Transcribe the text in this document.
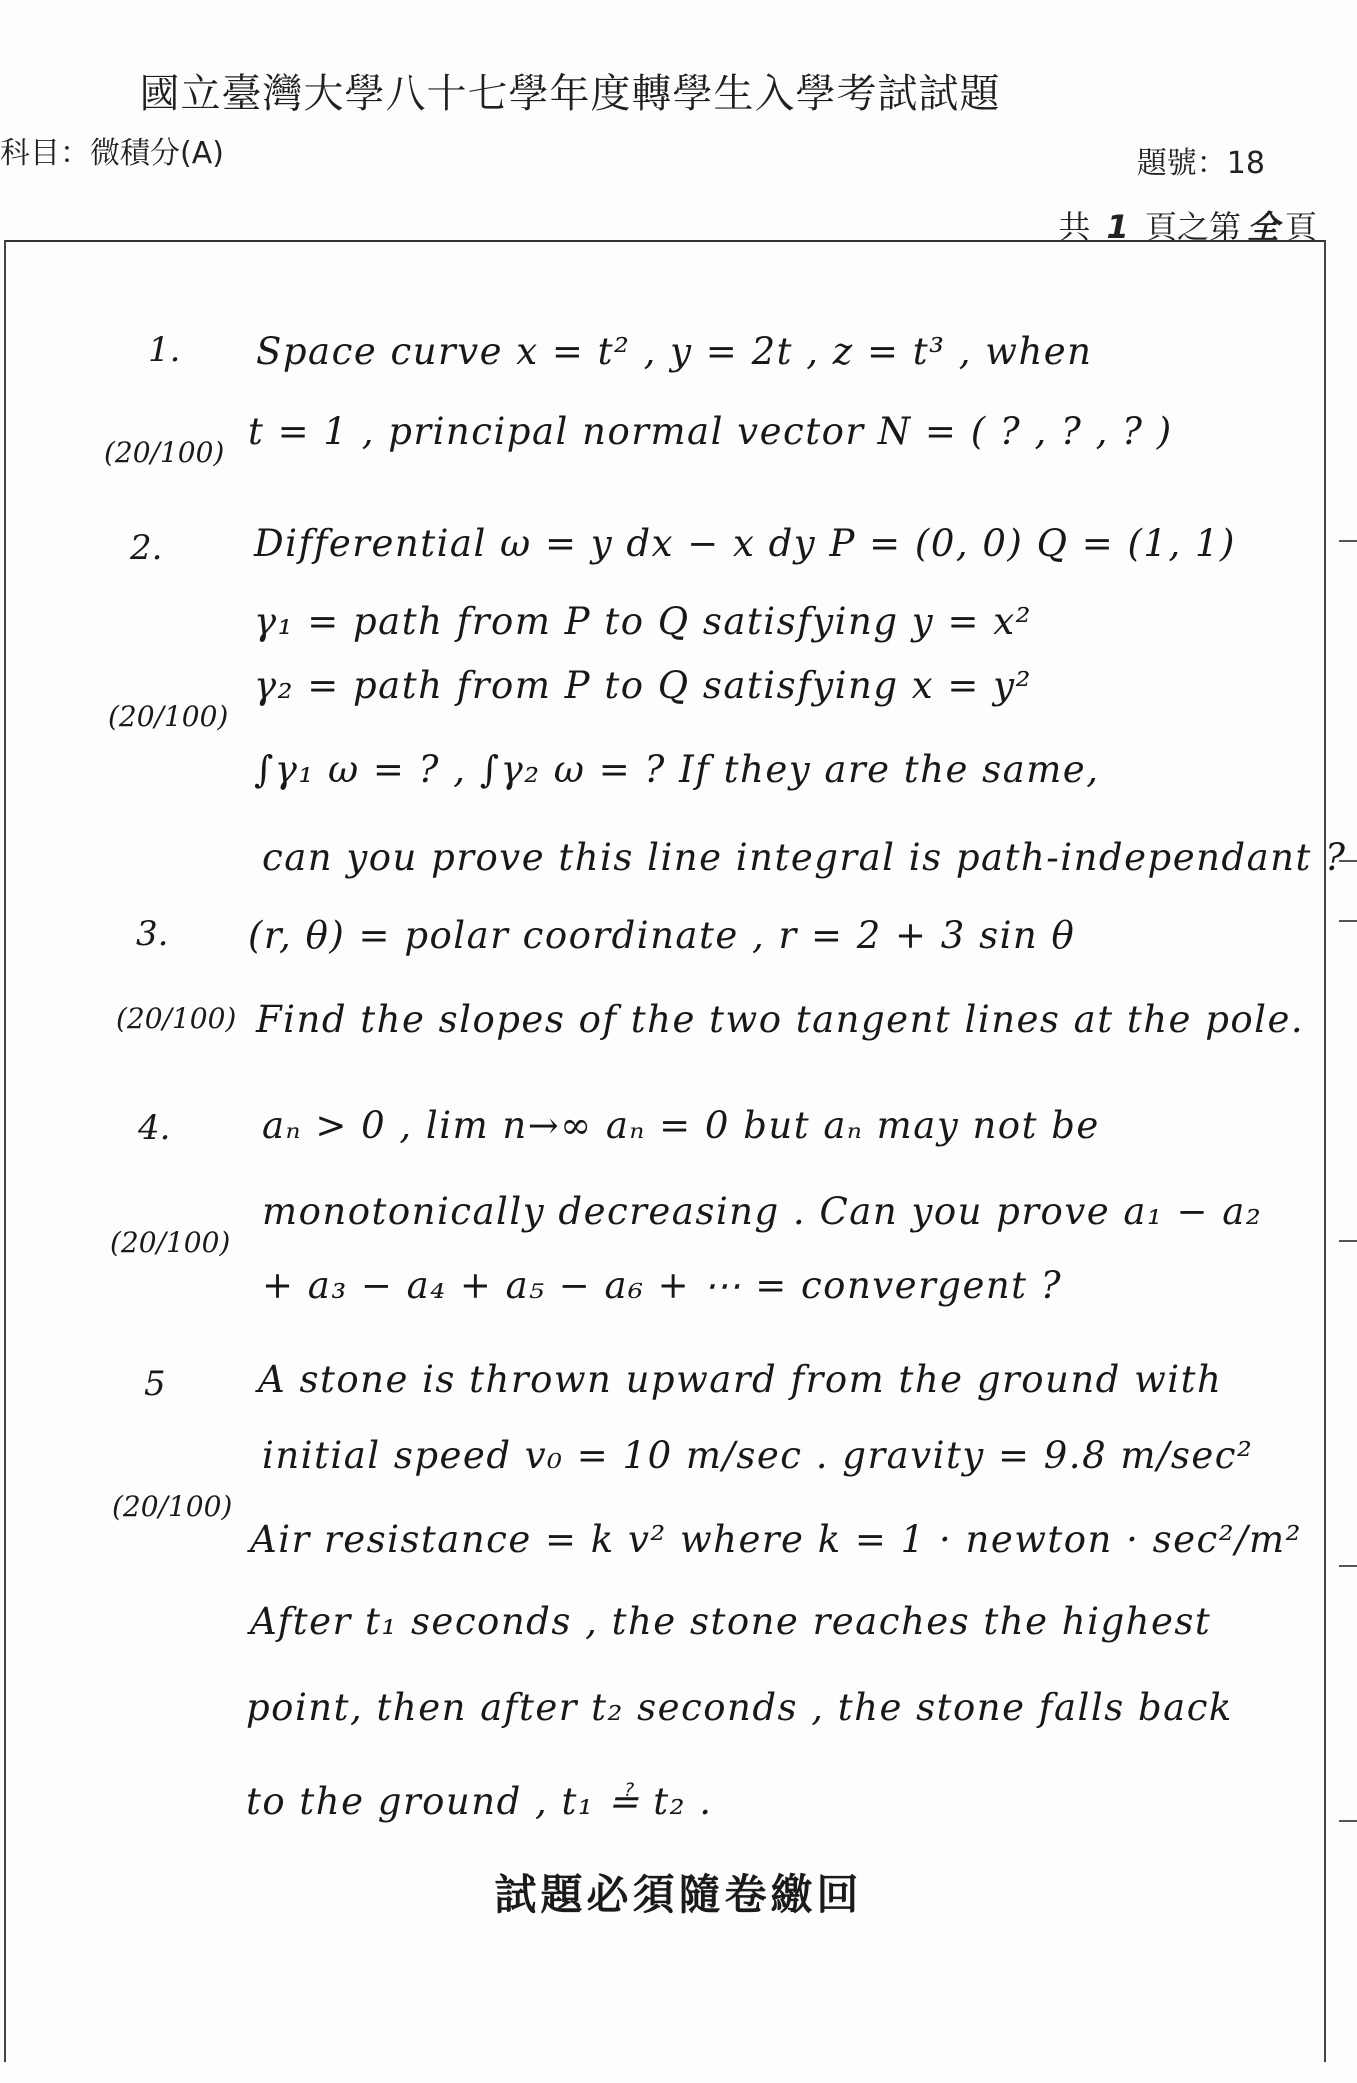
國立臺灣大學八十七學年度轉學生入學考試試題
科目：微積分(A)	題號：18
共 1 頁之第 全 頁
1.
(20/100)
Space curve x = t² , y = 2t , z = t³ , when
t = 1 , principal normal vector N = ( ? , ? , ? )
2.
(20/100)
Differential ω = y dx − x dy P = (0, 0) Q = (1, 1)
γ₁ = path from P to Q satisfying y = x²
γ₂ = path from P to Q satisfying x = y²
∫γ₁ ω = ? , ∫γ₂ ω = ? If they are the same,
can you prove this line integral is path-independant ?
3.
(20/100)
(r, θ) = polar coordinate , r = 2 + 3 sin θ
Find the slopes of the two tangent lines at the pole.
4.
(20/100)
aₙ > 0 , lim n→∞ aₙ = 0 but aₙ may not be
monotonically decreasing . Can you prove a₁ − a₂
+ a₃ − a₄ + a₅ − a₆ + ⋯ = convergent ?
5
(20/100)
A stone is thrown upward from the ground with
initial speed v₀ = 10 m/sec . gravity = 9.8 m/sec²
Air resistance = k v² where k = 1 · newton · sec²/m²
After t₁ seconds , the stone reaches the highest
point, then after t₂ seconds , the stone falls back
to the ground , t₁ ≟ t₂ .
試題必須隨卷繳回
